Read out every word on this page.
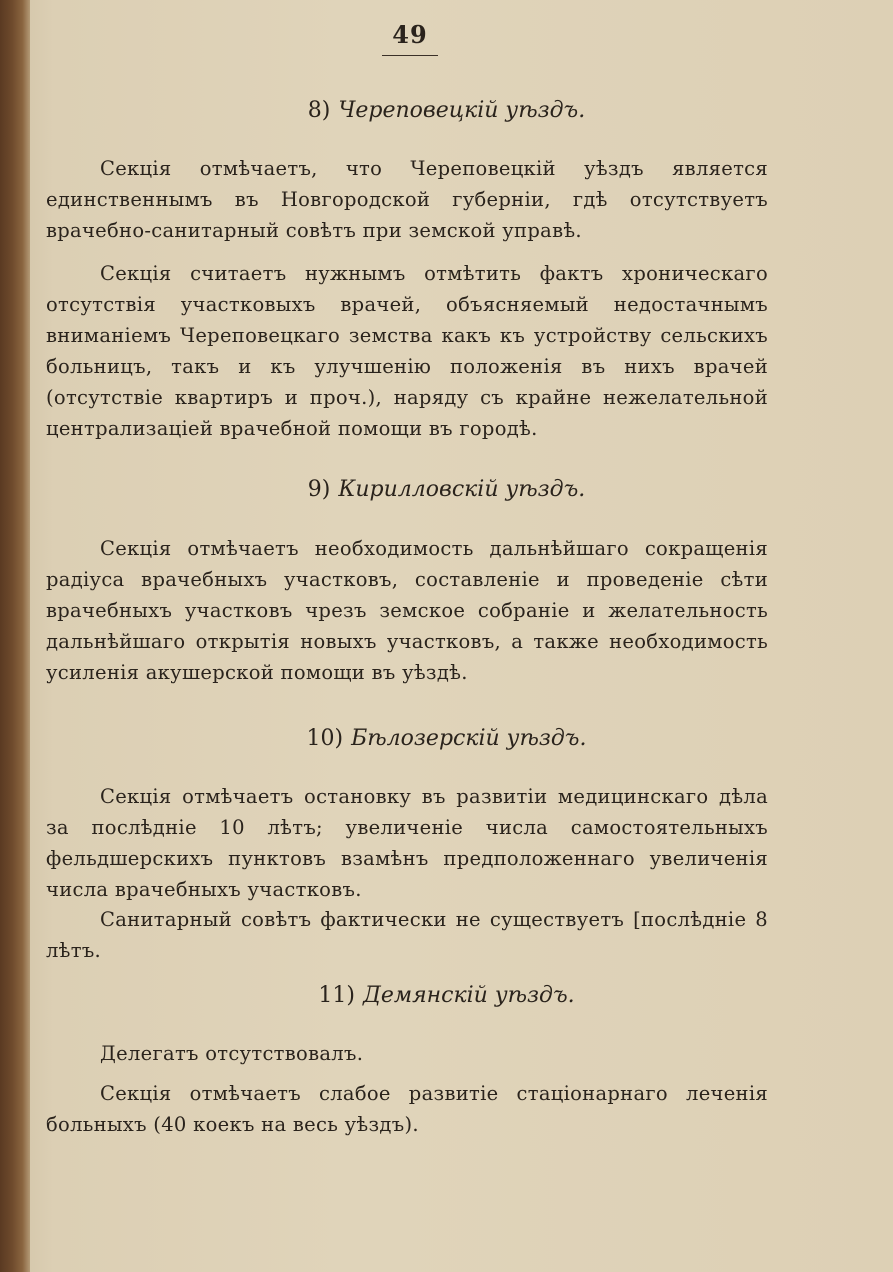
49
8) Череповецкій уѣздъ.
Секція отмѣчаетъ, что Череповецкій уѣздъ является единственнымъ въ Новгородской губерніи, гдѣ отсутствуетъ врачебно-санитарный совѣтъ при земской управѣ.
Секція считаетъ нужнымъ отмѣтить фактъ хроническаго отсутствія участковыхъ врачей, объясняемый недостачнымъ вниманіемъ Череповецкаго земства какъ къ устройству сельскихъ больницъ, такъ и къ улучшенію положенія въ нихъ врачей (отсутствіе квартиръ и проч.), наряду съ крайне нежелательной централизаціей врачебной помощи въ городѣ.
9) Кирилловскій уѣздъ.
Секція отмѣчаетъ необходимость дальнѣйшаго сокращенія радіуса врачебныхъ участковъ, составленіе и проведеніе сѣти врачебныхъ участковъ чрезъ земское собраніе и желательность дальнѣйшаго открытія новыхъ участковъ, а также необходимость усиленія акушерской помощи въ уѣздѣ.
10) Бѣлозерскій уѣздъ.
Секція отмѣчаетъ остановку въ развитіи медицинскаго дѣла за послѣдніе 10 лѣтъ; увеличеніе числа самостоятельныхъ фельдшерскихъ пунктовъ взамѣнъ предположеннаго увеличенія числа врачебныхъ участковъ.
Санитарный совѣтъ фактически не существуетъ [послѣдніе 8 лѣтъ.
11) Демянскій уѣздъ.
Делегатъ отсутствовалъ.
Секція отмѣчаетъ слабое развитіе стаціонарнаго леченія больныхъ (40 коекъ на весь уѣздъ).
